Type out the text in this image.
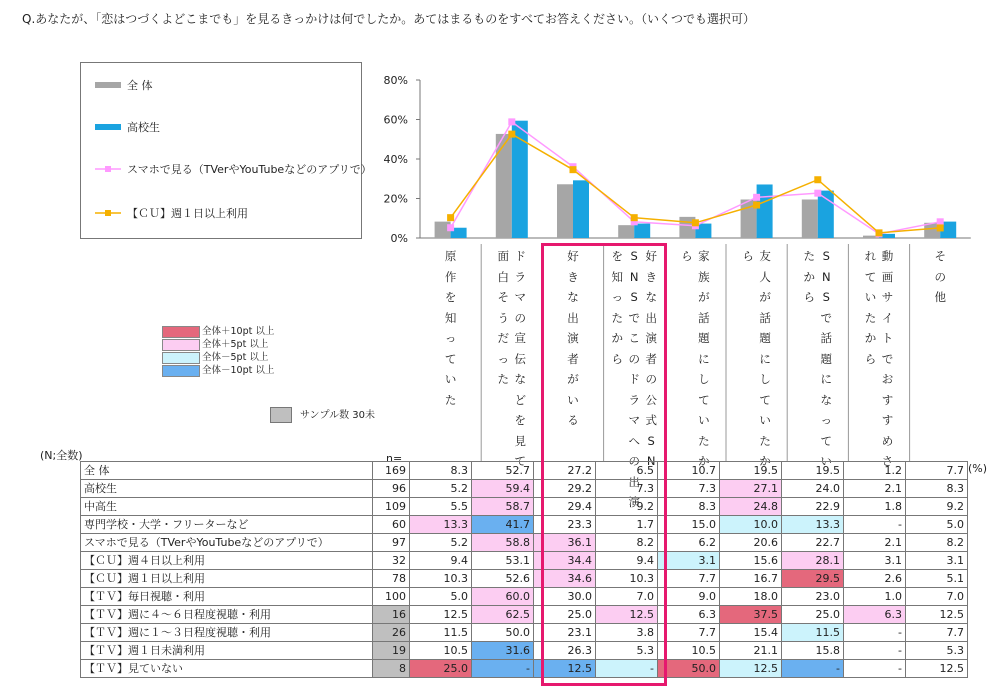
Q.あなたが、「恋はつづくよどこまでも」を見るきっかけは何でしたか。あてはまるものをすべてお答えください。（いくつでも選択可）
0%
20%
40%
60%
80%
全 体
高校生
スマホで見る（TVerやYouTubeなどのアプリで）
【ＣＵ】週１日以上利用
全体＋10pt 以上
全体＋5pt 以上
全体－5pt 以上
全体－10pt 以上
サンプル数 30未
(N;全数)	n=
(%)
原作を知っていた
面白そうだったドラマの宣伝などを見て
好きな出演者がいる
を知ったからSNSでこのドラマへの出演好きな出演者の公式SN
ら 家族が話題にしていたか
ら 友人が話題にしていたか
たからSNSで話題になってい
れていたから動画サイトでおすすめさ
その他
全 体	169	8.3	52.7	27.2	6.5	10.7	19.5	19.5	1.2	7.7
高校生	96	5.2	59.4	29.2	7.3	7.3	27.1	24.0	2.1	8.3
中高生	109	5.5	58.7	29.4	9.2	8.3	24.8	22.9	1.8	9.2
専門学校・大学・フリーターなど	60	13.3	41.7	23.3	1.7	15.0	10.0	13.3	-	5.0
スマホで見る（TVerやYouTubeなどのアプリで）	97	5.2	58.8	36.1	8.2	6.2	20.6	22.7	2.1	8.2
【ＣＵ】週４日以上利用	32	9.4	53.1	34.4	9.4	3.1	15.6	28.1	3.1	3.1
【ＣＵ】週１日以上利用	78	10.3	52.6	34.6	10.3	7.7	16.7	29.5	2.6	5.1
【ＴＶ】毎日視聴・利用	100	5.0	60.0	30.0	7.0	9.0	18.0	23.0	1.0	7.0
【ＴＶ】週に４～６日程度視聴・利用	16	12.5	62.5	25.0	12.5	6.3	37.5	25.0	6.3	12.5
【ＴＶ】週に１～３日程度視聴・利用	26	11.5	50.0	23.1	3.8	7.7	15.4	11.5	-	7.7
【ＴＶ】週１日未満利用	19	10.5	31.6	26.3	5.3	10.5	21.1	15.8	-	5.3
【ＴＶ】見ていない	8	25.0	-	12.5	-	50.0	12.5	-	-	12.5
